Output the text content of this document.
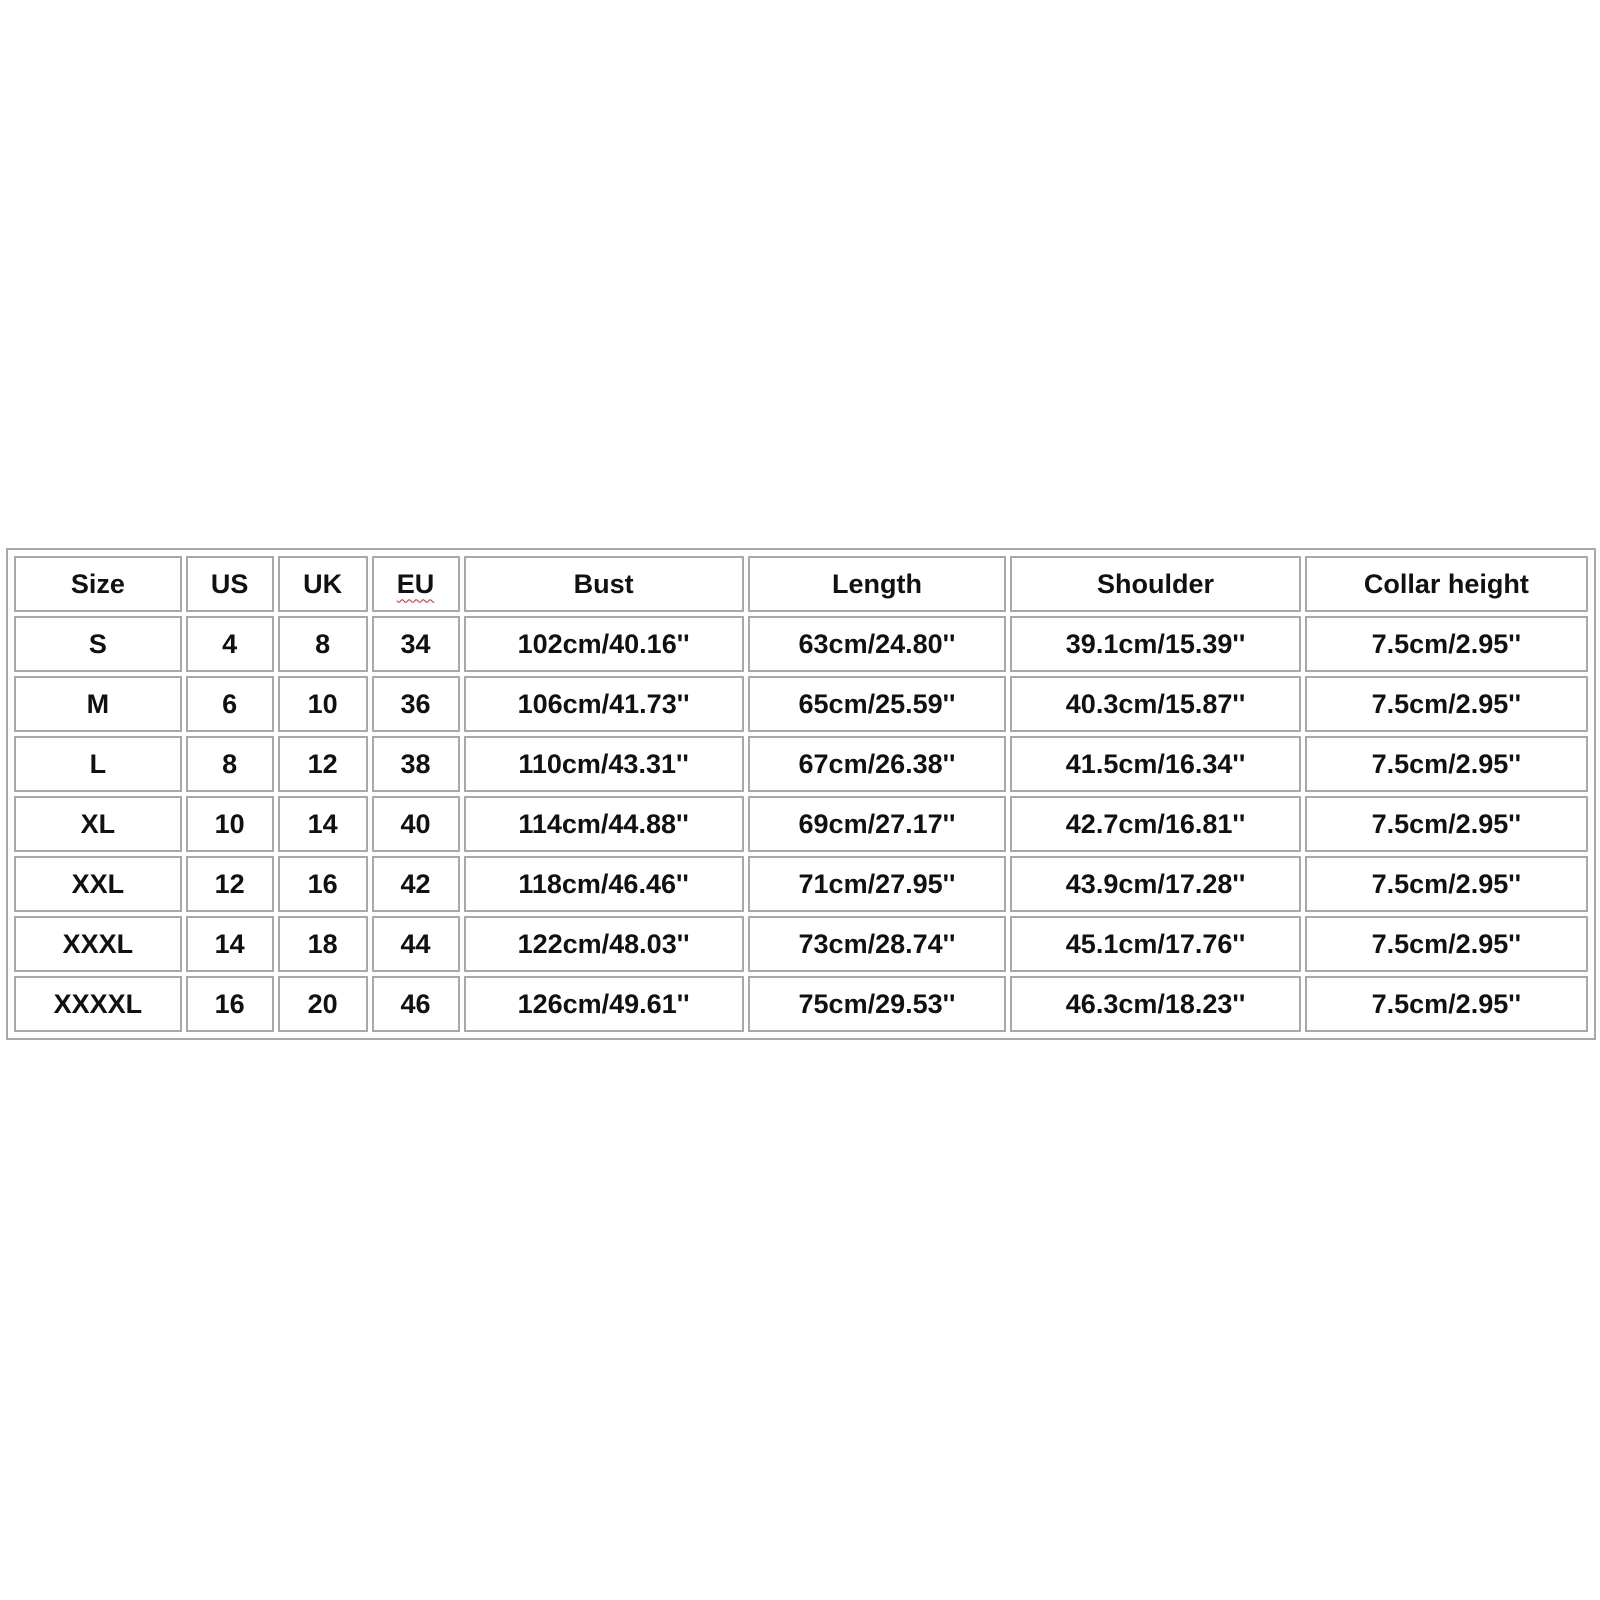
Size	US	UK	EU	Bust	Length	Shoulder	Collar height
S	4	8	34	102cm/40.16''	63cm/24.80''	39.1cm/15.39''	7.5cm/2.95''
M	6	10	36	106cm/41.73''	65cm/25.59''	40.3cm/15.87''	7.5cm/2.95''
L	8	12	38	110cm/43.31''	67cm/26.38''	41.5cm/16.34''	7.5cm/2.95''
XL	10	14	40	114cm/44.88''	69cm/27.17''	42.7cm/16.81''	7.5cm/2.95''
XXL	12	16	42	118cm/46.46''	71cm/27.95''	43.9cm/17.28''	7.5cm/2.95''
XXXL	14	18	44	122cm/48.03''	73cm/28.74''	45.1cm/17.76''	7.5cm/2.95''
XXXXL	16	20	46	126cm/49.61''	75cm/29.53''	46.3cm/18.23''	7.5cm/2.95''
